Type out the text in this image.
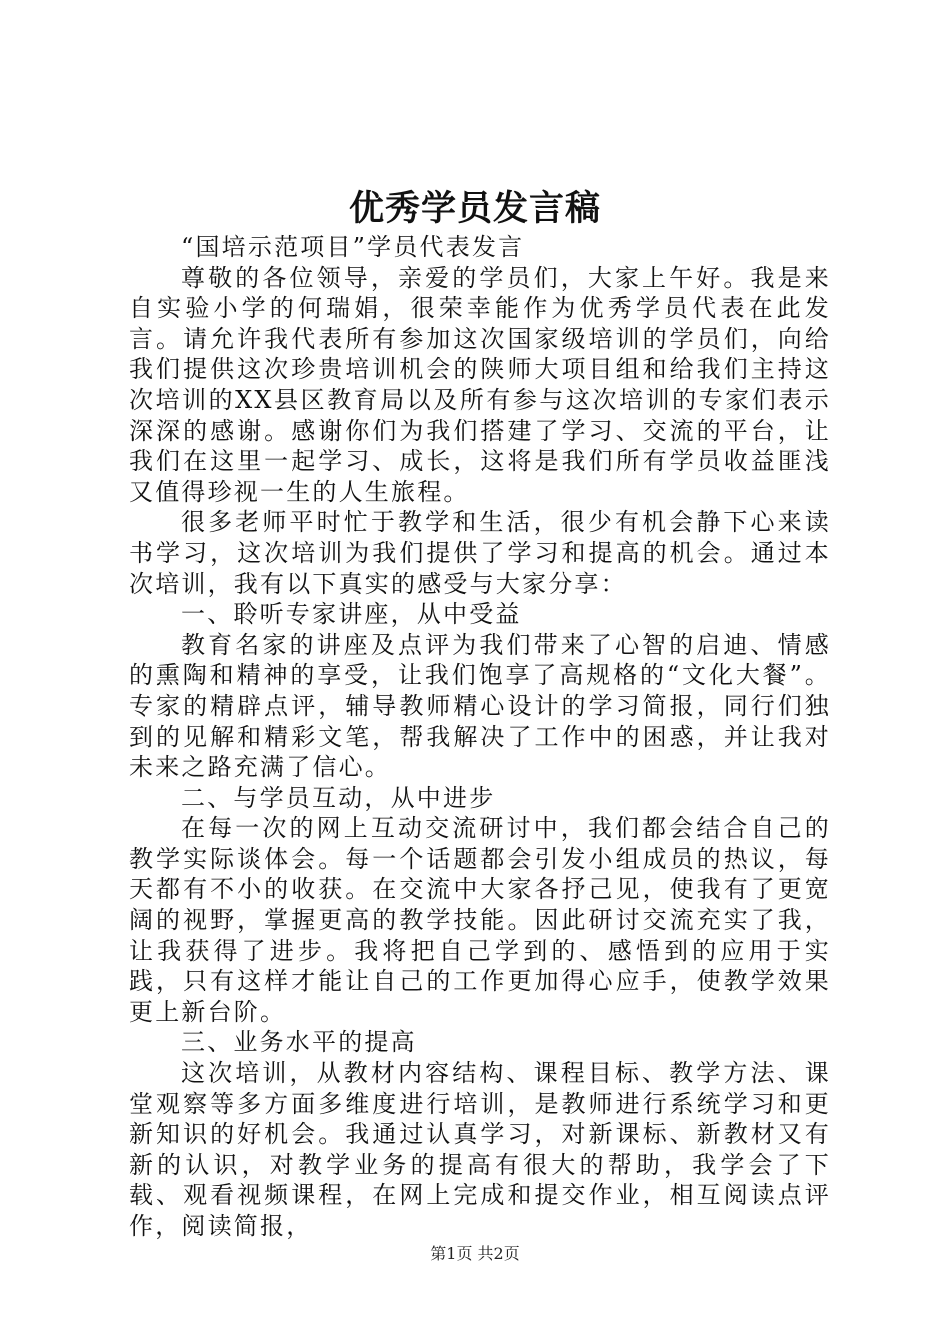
优秀学员发言稿

“国培示范项目”学员代表发言

尊敬的各位领导，亲爱的学员们，大家上午好。我是来自实验小学的何瑞娟，很荣幸能作为优秀学员代表在此发言。请允许我代表所有参加这次国家级培训的学员们，向给我们提供这次珍贵培训机会的陕师大项目组和给我们主持这次培训的XX县区教育局以及所有参与这次培训的专家们表示深深的感谢。感谢你们为我们搭建了学习、交流的平台，让我们在这里一起学习、成长，这将是我们所有学员收益匪浅又值得珍视一生的人生旅程。

很多老师平时忙于教学和生活，很少有机会静下心来读书学习，这次培训为我们提供了学习和提高的机会。通过本次培训，我有以下真实的感受与大家分享：

一、聆听专家讲座，从中受益

教育名家的讲座及点评为我们带来了心智的启迪、情感的熏陶和精神的享受，让我们饱享了高规格的“文化大餐”。专家的精辟点评，辅导教师精心设计的学习简报，同行们独到的见解和精彩文笔，帮我解决了工作中的困惑，并让我对未来之路充满了信心。

二、与学员互动，从中进步

在每一次的网上互动交流研讨中，我们都会结合自己的教学实际谈体会。每一个话题都会引发小组成员的热议，每天都有不小的收获。在交流中大家各抒己见，使我有了更宽阔的视野，掌握更高的教学技能。因此研讨交流充实了我，让我获得了进步。我将把自己学到的、感悟到的应用于实践，只有这样才能让自己的工作更加得心应手，使教学效果更上新台阶。

三、业务水平的提高

这次培训，从教材内容结构、课程目标、教学方法、课堂观察等多方面多维度进行培训，是教师进行系统学习和更新知识的好机会。我通过认真学习，对新课标、新教材又有新的认识，对教学业务的提高有很大的帮助，我学会了下载、观看视频课程，在网上完成和提交作业，相互阅读点评作，阅读简报，

第1页 共2页
